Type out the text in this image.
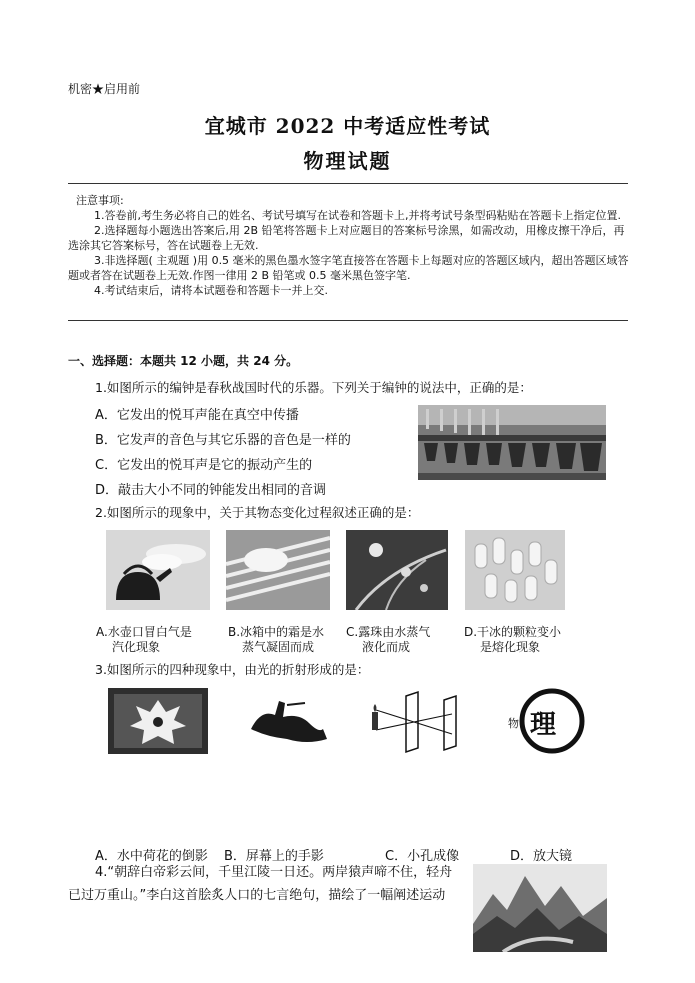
机密★启用前
宜城市 2022 中考适应性考试
物理试题

注意事项:

1.答卷前,考生务必将自己的姓名、考试号填写在试卷和答题卡上,并将考试号条型码粘贴在答题卡上指定位置.

2.选择题每小题选出答案后,用 2B 铅笔将答题卡上对应题目的答案标号涂黑，如需改动，用橡皮擦干净后，再选涂其它答案标号，答在试题卷上无效.

3.非选择题( 主观题 )用 0.5 毫米的黑色墨水签字笔直接答在答题卡上每题对应的答题区域内，超出答题区域答题或者答在试题卷上无效.作图一律用 2 B 铅笔或 0.5 毫米黑色签字笔.

4.考试结束后，请将本试题卷和答题卡一并上交.

一、选择题：本题共 12 小题，共 24 分。
1.如图所示的编钟是春秋战国时代的乐器。下列关于编钟的说法中，正确的是：
A．它发出的悦耳声能在真空中传播
B．它发声的音色与其它乐器的音色是一样的
C．它发出的悦耳声是它的振动产生的
D．敲击大小不同的钟能发出相同的音调
2.如图所示的现象中，关于其物态变化过程叙述正确的是：
A.水壶口冒白气是
汽化现象
B.冰箱中的霜是水
蒸气凝固而成
C.露珠由水蒸气
液化而成
D.干冰的颗粒变小
是熔化现象
3.如图所示的四种现象中，由光的折射形成的是：
物 理
A．水中荷花的倒影 B．屏幕上的手影	C．小孔成像	D．放大镜
4.“朝辞白帝彩云间，千里江陵一日还。两岸猿声啼不住，轻舟
已过万重山。”李白这首脍炙人口的七言绝句，描绘了一幅阐述运动
